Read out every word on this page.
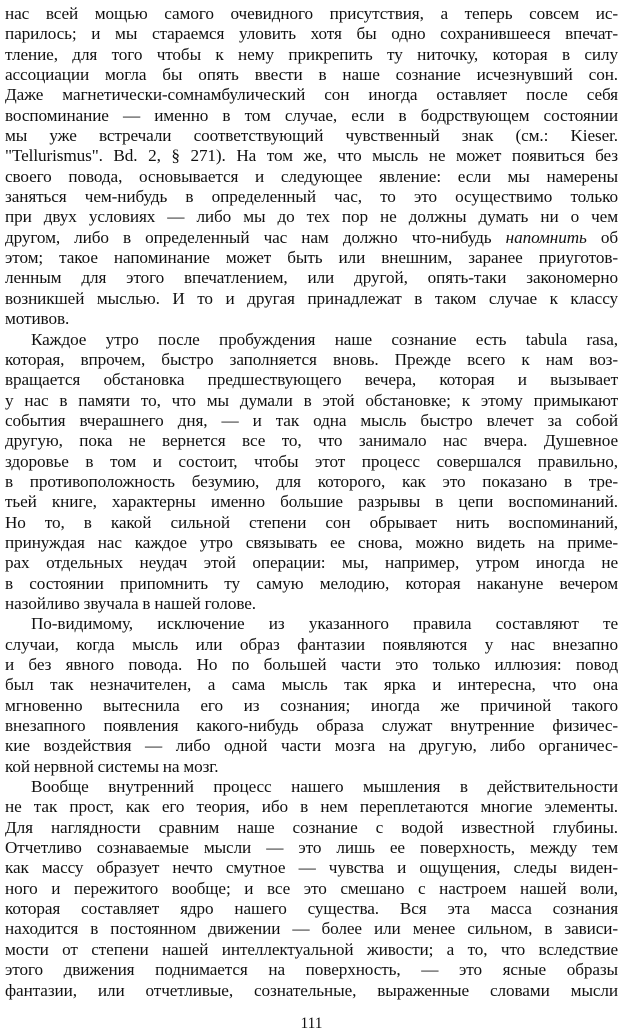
нас всей мощью самого очевидного присутствия, а теперь совсем ис-
парилось; и мы стараемся уловить хотя бы одно сохранившееся впечат-
тление, для того чтобы к нему прикрепить ту ниточку, которая в силу
ассоциации могла бы опять ввести в наше сознание исчезнувший сон.
Даже магнетически-сомнамбулический сон иногда оставляет после себя
воспоминание — именно в том случае, если в бодрствующем состоянии
мы уже встречали соответствующий чувственный знак (см.: Kieser.
"Tellurismus". Bd. 2, § 271). На том же, что мысль не может появиться без
своего повода, основывается и следующее явление: если мы намерены
заняться чем-нибудь в определенный час, то это осуществимо только
при двух условиях — либо мы до тех пор не должны думать ни о чем
другом, либо в определенный час нам должно что-нибудь напомнить об
этом; такое напоминание может быть или внешним, заранее приуготов-
ленным для этого впечатлением, или другой, опять-таки закономерно
возникшей мыслью. И то и другая принадлежат в таком случае к классу
мотивов.
Каждое утро после пробуждения наше сознание есть tabula rasa,
которая, впрочем, быстро заполняется вновь. Прежде всего к нам воз-
вращается обстановка предшествующего вечера, которая и вызывает
у нас в памяти то, что мы думали в этой обстановке; к этому примыкают
события вчерашнего дня, — и так одна мысль быстро влечет за собой
другую, пока не вернется все то, что занимало нас вчера. Душевное
здоровье в том и состоит, чтобы этот процесс совершался правильно,
в противоположность безумию, для которого, как это показано в тре-
тьей книге, характерны именно большие разрывы в цепи воспоминаний.
Но то, в какой сильной степени сон обрывает нить воспоминаний,
принуждая нас каждое утро связывать ее снова, можно видеть на приме-
рах отдельных неудач этой операции: мы, например, утром иногда не
в состоянии припомнить ту самую мелодию, которая накануне вечером
назойливо звучала в нашей голове.
По-видимому, исключение из указанного правила составляют те
случаи, когда мысль или образ фантазии появляются у нас внезапно
и без явного повода. Но по большей части это только иллюзия: повод
был так незначителен, а сама мысль так ярка и интересна, что она
мгновенно вытеснила его из сознания; иногда же причиной такого
внезапного появления какого-нибудь образа служат внутренние физичес-
кие воздействия — либо одной части мозга на другую, либо органичес-
кой нервной системы на мозг.
Вообще внутренний процесс нашего мышления в действительности
не так прост, как его теория, ибо в нем переплетаются многие элементы.
Для наглядности сравним наше сознание с водой известной глубины.
Отчетливо сознаваемые мысли — это лишь ее поверхность, между тем
как массу образует нечто смутное — чувства и ощущения, следы виден-
ного и пережитого вообще; и все это смешано с настроем нашей воли,
которая составляет ядро нашего существа. Вся эта масса сознания
находится в постоянном движении — более или менее сильном, в зависи-
мости от степени нашей интеллектуальной живости; а то, что вследствие
этого движения поднимается на поверхность, — это ясные образы
фантазии, или отчетливые, сознательные, выраженные словами мысли
111
